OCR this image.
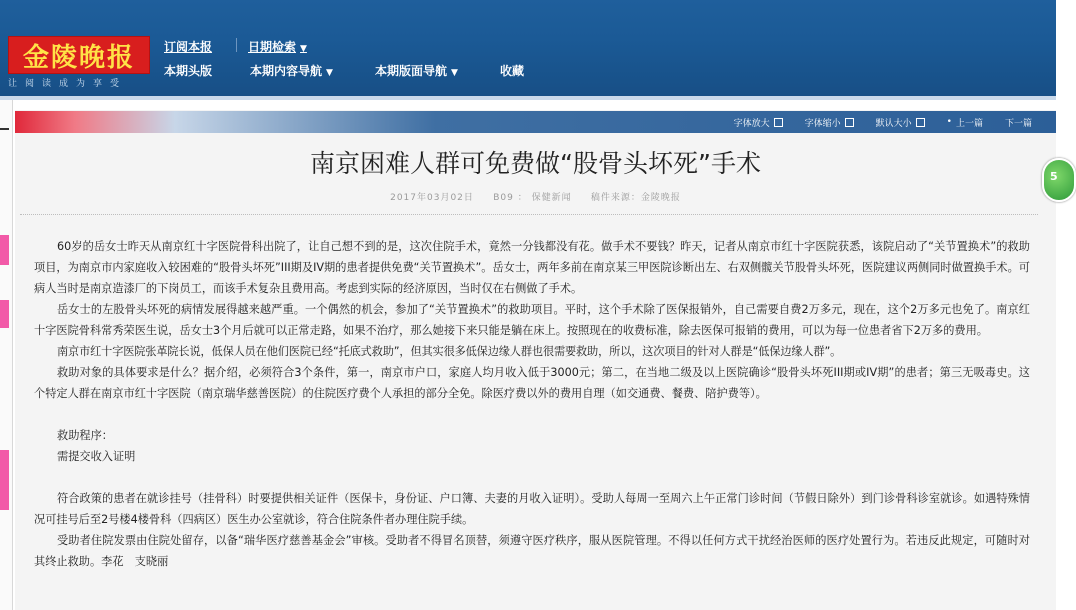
金陵晚报
让阅读成为享受
订阅本报	日期检索 ▼
本期头版	本期内容导航 ▼	本期版面导航 ▼	收藏
字体放大	字体缩小	默认大小	• 上一篇 下一篇
南京困难人群可免费做“股骨头坏死”手术
2017年03月02日 B09 ： 保健新闻 稿件来源：金陵晚报

60岁的岳女士昨天从南京红十字医院骨科出院了，让自己想不到的是，这次住院手术，竟然一分钱都没有花。做手术不要钱？昨天，记者从南京市红十字医院获悉，该院启动了“关节置换术”的救助项目，为南京市内家庭收入较困难的“股骨头坏死”III期及IV期的患者提供免费“关节置换术”。岳女士，两年多前在南京某三甲医院诊断出左、右双侧髋关节股骨头坏死，医院建议两侧同时做置换手术。可病人当时是南京造漆厂的下岗员工，而该手术复杂且费用高。考虑到实际的经济原因，当时仅在右侧做了手术。

岳女士的左股骨头坏死的病情发展得越来越严重。一个偶然的机会，参加了“关节置换术”的救助项目。平时，这个手术除了医保报销外，自己需要自费2万多元，现在，这个2万多元也免了。南京红十字医院骨科常秀荣医生说，岳女士3个月后就可以正常走路，如果不治疗，那么她接下来只能是躺在床上。按照现在的收费标准，除去医保可报销的费用，可以为每一位患者省下2万多的费用。

南京市红十字医院张革院长说，低保人员在他们医院已经“托底式救助”，但其实很多低保边缘人群也很需要救助，所以，这次项目的针对人群是“低保边缘人群”。

救助对象的具体要求是什么？据介绍，必须符合3个条件，第一，南京市户口，家庭人均月收入低于3000元；第二，在当地二级及以上医院确诊“股骨头坏死III期或IV期”的患者；第三无吸毒史。这个特定人群在南京市红十字医院（南京瑞华慈善医院）的住院医疗费个人承担的部分全免。除医疗费以外的费用自理（如交通费、餐费、陪护费等）。

救助程序：

需提交收入证明

符合政策的患者在就诊挂号（挂骨科）时要提供相关证件（医保卡，身份证、户口簿、夫妻的月收入证明）。受助人每周一至周六上午正常门诊时间（节假日除外）到门诊骨科诊室就诊。如遇特殊情况可挂号后至2号楼4楼骨科（四病区）医生办公室就诊，符合住院条件者办理住院手续。

受助者住院发票由住院处留存，以备“瑞华医疗慈善基金会”审核。受助者不得冒名顶替，须遵守医疗秩序，服从医院管理。不得以任何方式干扰经治医师的医疗处置行为。若违反此规定，可随时对其终止救助。李花　支晓丽

5
